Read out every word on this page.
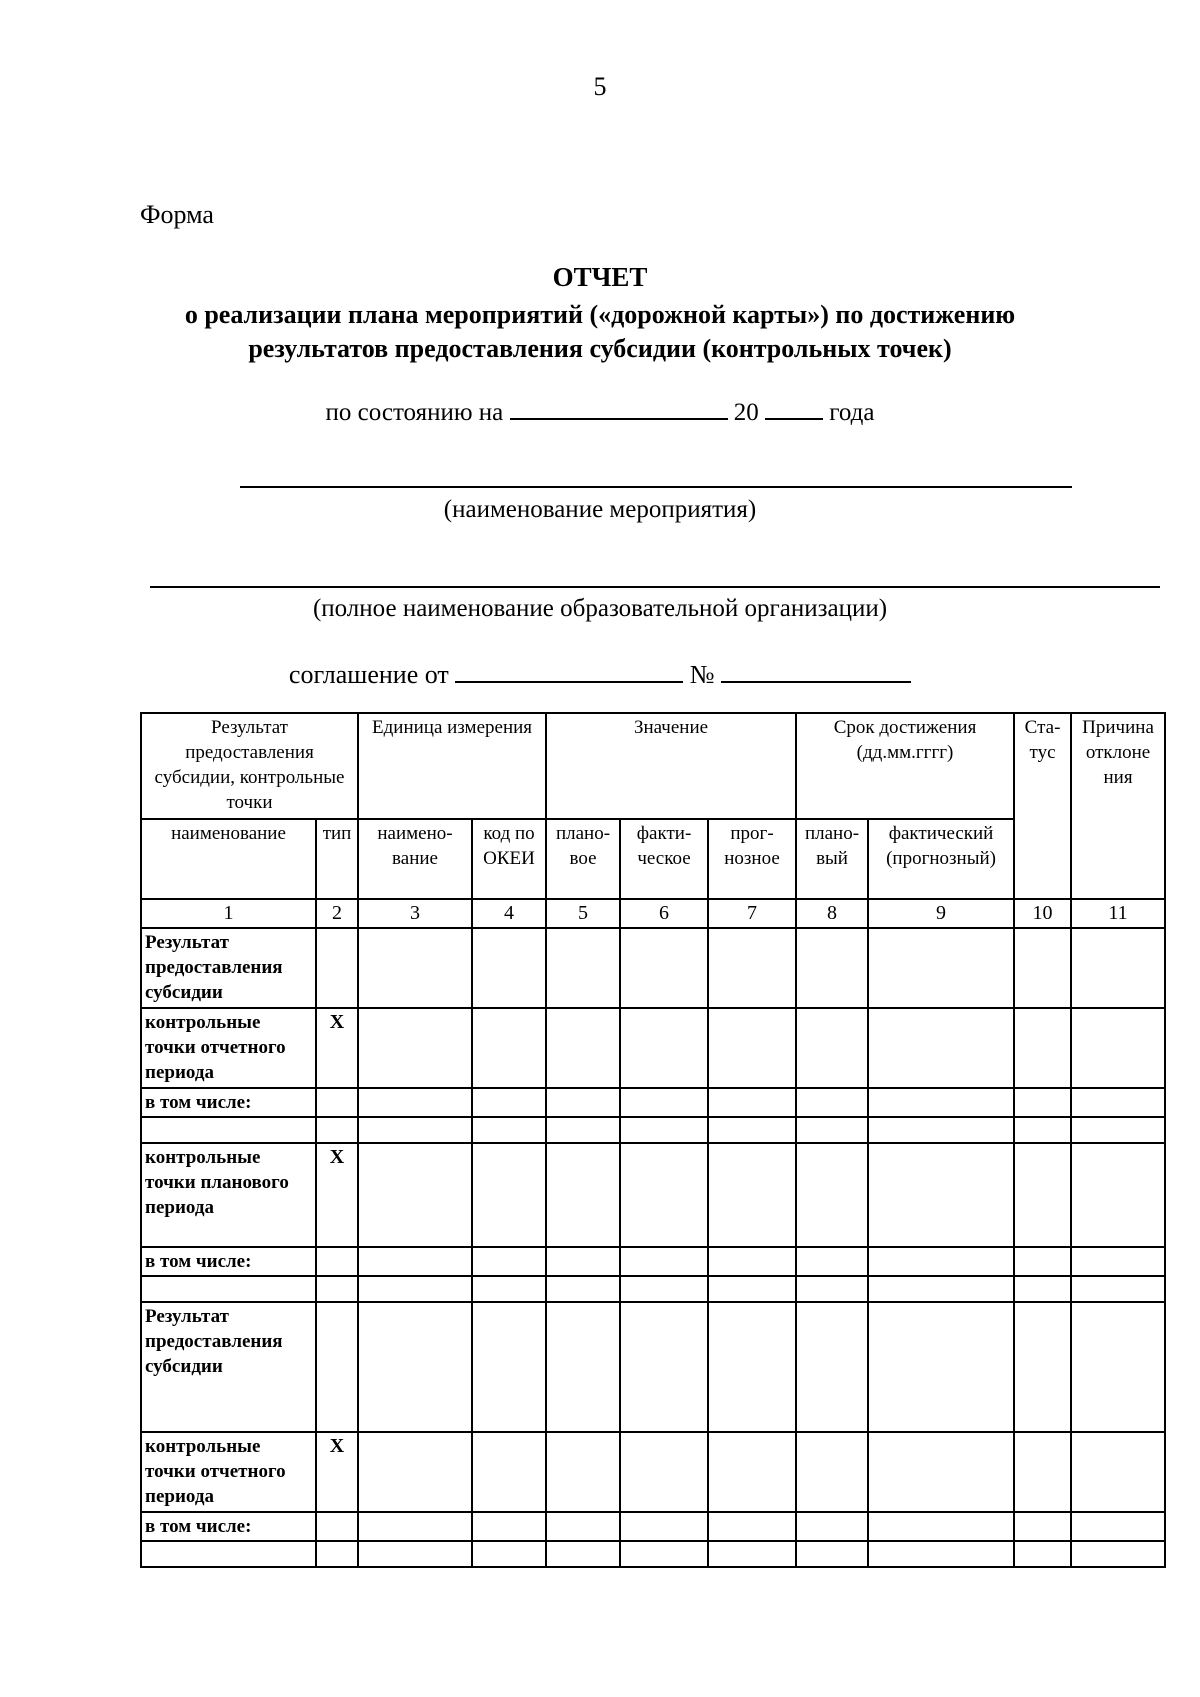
5
Форма
ОТЧЕТ
о реализации плана мероприятий («дорожной карты») по достижению
результатов предоставления субсидии (контрольных точек)
по состоянию на	20	года
(наименование мероприятия)
(полное наименование образовательной организации)
соглашение от	№
Результат предоставления субсидии, контрольные точки		Единица измерения		Значение			Срок достижения (дд.мм.гггг)		Ста-тус	Причина отклоне ния
наименование	тип	наимено- вание	код по ОКЕИ	плано- вое	факти- ческое	прог- нозное	плано- вый	фактический (прогнозный)		
1	2	3	4	5	6	7	8	9	10	11
Результат предоставления субсидии										
контрольные точки отчетного периода	Х									
в том числе:										

контрольные точки планового периода	Х									
в том числе:										

Результат предоставления субсидии										
контрольные точки отчетного периода	Х									
в том числе:										
